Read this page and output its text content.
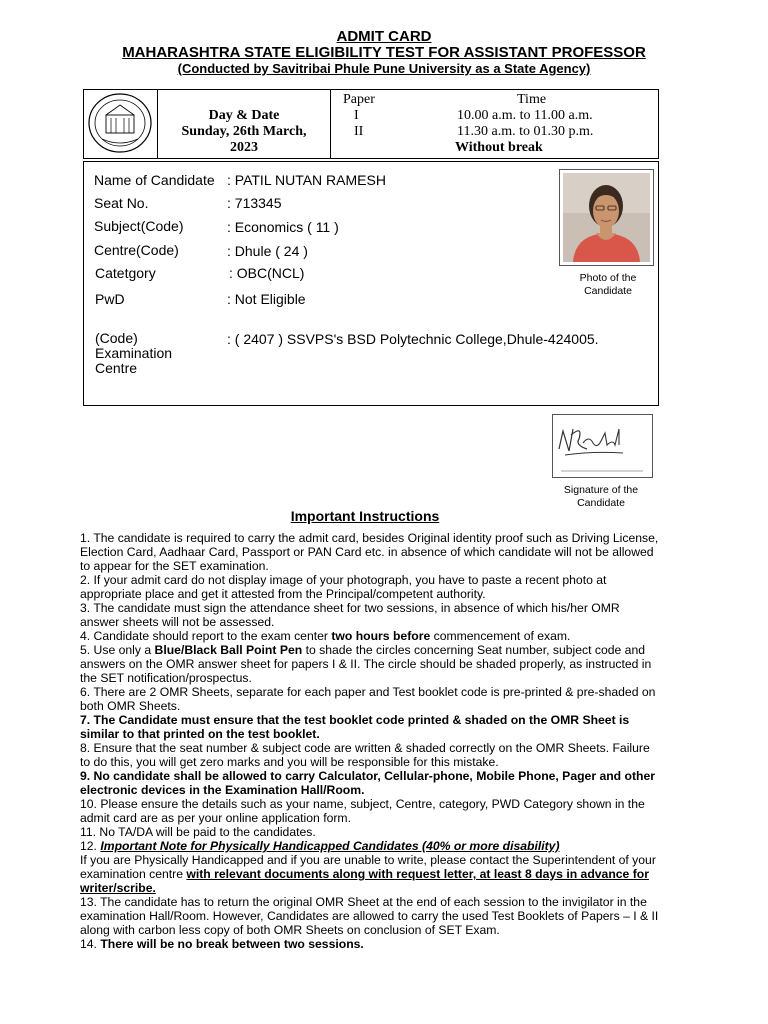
ADMIT CARD
MAHARASHTRA STATE ELIGIBILITY TEST FOR ASSISTANT PROFESSOR
(Conducted by Savitribai Phule Pune University as a State Agency)
Day & Date
Sunday, 26th March,
2023
Paper	Time
I	10.00 a.m. to 11.00 a.m.
II	11.30 a.m. to 01.30 p.m.
Without break
Name of Candidate : PATIL NUTAN RAMESH
Seat No.	: 713345
Subject(Code)	: Economics ( 11 )
Centre(Code)	: Dhule ( 24 )
Catetgory	: OBC(NCL)
PwD	: Not Eligible
(Code)
Examination
Centre
: ( 2407 ) SSVPS's BSD Polytechnic College,Dhule-424005.
Photo of the
Candidate
Signature of the
Candidate
Important Instructions

1. The candidate is required to carry the admit card, besides Original identity proof such as Driving License, Election Card, Aadhaar Card, Passport or PAN Card etc. in absence of which candidate will not be allowed to appear for the SET examination.

2. If your admit card do not display image of your photograph, you have to paste a recent photo at appropriate place and get it attested from the Principal/competent authority.

3. The candidate must sign the attendance sheet for two sessions, in absence of which his/her OMR answer sheets will not be assessed.

4. Candidate should report to the exam center two hours before commencement of exam.

5. Use only a Blue/Black Ball Point Pen to shade the circles concerning Seat number, subject code and answers on the OMR answer sheet for papers I & II. The circle should be shaded properly, as instructed in the SET notification/prospectus.

6. There are 2 OMR Sheets, separate for each paper and Test booklet code is pre-printed & pre-shaded on both OMR Sheets.

7. The Candidate must ensure that the test booklet code printed & shaded on the OMR Sheet is similar to that printed on the test booklet.

8. Ensure that the seat number & subject code are written & shaded correctly on the OMR Sheets. Failure to do this, you will get zero marks and you will be responsible for this mistake.

9. No candidate shall be allowed to carry Calculator, Cellular-phone, Mobile Phone, Pager and other electronic devices in the Examination Hall/Room.

10. Please ensure the details such as your name, subject, Centre, category, PWD Category shown in the admit card are as per your online application form.

11. No TA/DA will be paid to the candidates.

12. Important Note for Physically Handicapped Candidates (40% or more disability)
If you are Physically Handicapped and if you are unable to write, please contact the Superintendent of your examination centre with relevant documents along with request letter, at least 8 days in advance for writer/scribe.

13. The candidate has to return the original OMR Sheet at the end of each session to the invigilator in the examination Hall/Room. However, Candidates are allowed to carry the used Test Booklets of Papers – I & II along with carbon less copy of both OMR Sheets on conclusion of SET Exam.

14. There will be no break between two sessions.
